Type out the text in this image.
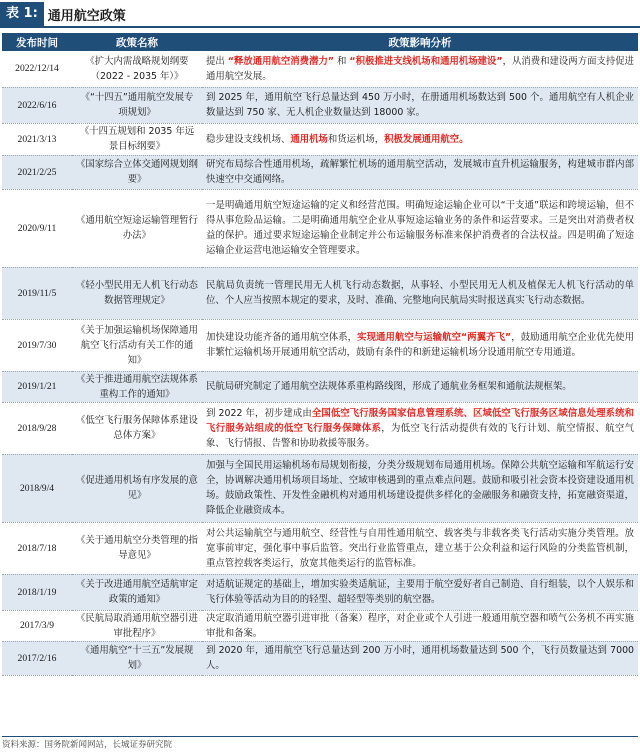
表 1: 通用航空政策
发布时间	政策名称	政策影响分析
2022/12/14	《扩大内需战略规划纲要（2022 - 2035 年）》	提出 “释放通用航空消费潜力” 和 “积极推进支线机场和通用机场建设”，从消费和建设两方面支持促进通用航空发展。
2022/6/16	《“十四五”通用航空发展专项规划》	到 2025 年，通用航空飞行总量达到 450 万小时，在册通用机场数达到 500 个。通用航空有人机企业数量达到 750 家、无人机企业数量达到 18000 家。
2021/3/13	《十四五规划和 2035 年远景目标纲要》	稳步建设支线机场、通用机场和货运机场，积极发展通用航空。
2021/2/25	《国家综合立体交通网规划纲要》	研究布局综合性通用机场，疏解繁忙机场的通用航空活动，发展城市直升机运输服务，构建城市群内部快速空中交通网络。
2020/9/11	《通用航空短途运输管理暂行办法》	一是明确通用航空短途运输的定义和经营范围。明确短途运输企业可以“干支通”联运和跨境运输，但不得从事危险品运输。二是明确通用航空企业从事短途运输业务的条件和运营要求。三是突出对消费者权益的保护。通过要求短途运输企业制定并公布运输服务标准来保护消费者的合法权益。四是明确了短途运输企业运营电池运输安全管理要求。
2019/11/5	《轻小型民用无人机飞行动态数据管理规定》	民航局负责统一管理民用无人机飞行动态数据，从事轻、小型民用无人机及植保无人机飞行活动的单位、个人应当按照本规定的要求，及时、准确、完整地向民航局实时报送真实飞行动态数据。
2019/7/30	《关于加强运输机场保障通用航空飞行活动有关工作的通知》	加快建设功能齐备的通用航空体系，实现通用航空与运输航空“两翼齐飞”，鼓励通用航空企业优先使用非繁忙运输机场开展通用航空活动，鼓励有条件的和新建运输机场分设通用航空专用通道。
2019/1/21	《关于推进通用航空法规体系重构工作的通知》	民航局研究制定了通用航空法规体系重构路线图，形成了通航业务框架和通航法规框架。
2018/9/28	《低空飞行服务保障体系建设总体方案》	到 2022 年，初步建成由全国低空飞行服务国家信息管理系统、区域低空飞行服务区域信息处理系统和飞行服务站组成的低空飞行服务保障体系，为低空飞行活动提供有效的飞行计划、航空情报、航空气象、飞行情报、告警和协助救援等服务。
2018/9/4	《促进通用机场有序发展的意见》	加强与全国民用运输机场布局规划衔接，分类分级规划布局通用机场。保障公共航空运输和军航运行安全，协调解决通用机场项目场址、空域审核遇到的重点难点问题。鼓励和吸引社会资本投资建设通用机场。鼓励政策性、开发性金融机构对通用机场建设提供多样化的金融服务和融资支持，拓宽融资渠道，降低企业融资成本。
2018/7/18	《关于通用航空分类管理的指导意见》	对公共运输航空与通用航空、经营性与自用性通用航空、载客类与非载客类飞行活动实施分类管理。放宽事前审定，强化事中事后监管。突出行业监管重点，建立基于公众利益和运行风险的分类监管机制，重点管控载客类运行，放宽其他类运行的监管标准。
2018/1/19	《关于改进通用航空适航审定政策的通知》	对适航证规定的基础上，增加实验类适航证，主要用于航空爱好者自己制造、自行组装，以个人娱乐和飞行体验等活动为目的的轻型、超轻型等类别的航空器。
2017/3/9	《民航局取消通用航空器引进审批程序》	决定取消通用航空器引进审批（备案）程序，对企业或个人引进一般通用航空器和喷气公务机不再实施审批和备案。
2017/2/16	《通用航空“十三五”发展规划》	到 2020 年，通用航空飞行总量达到 200 万小时，通用机场数量达到 500 个，飞行员数量达到 7000 人。
资料来源：国务院新闻网站，长城证券研究院
